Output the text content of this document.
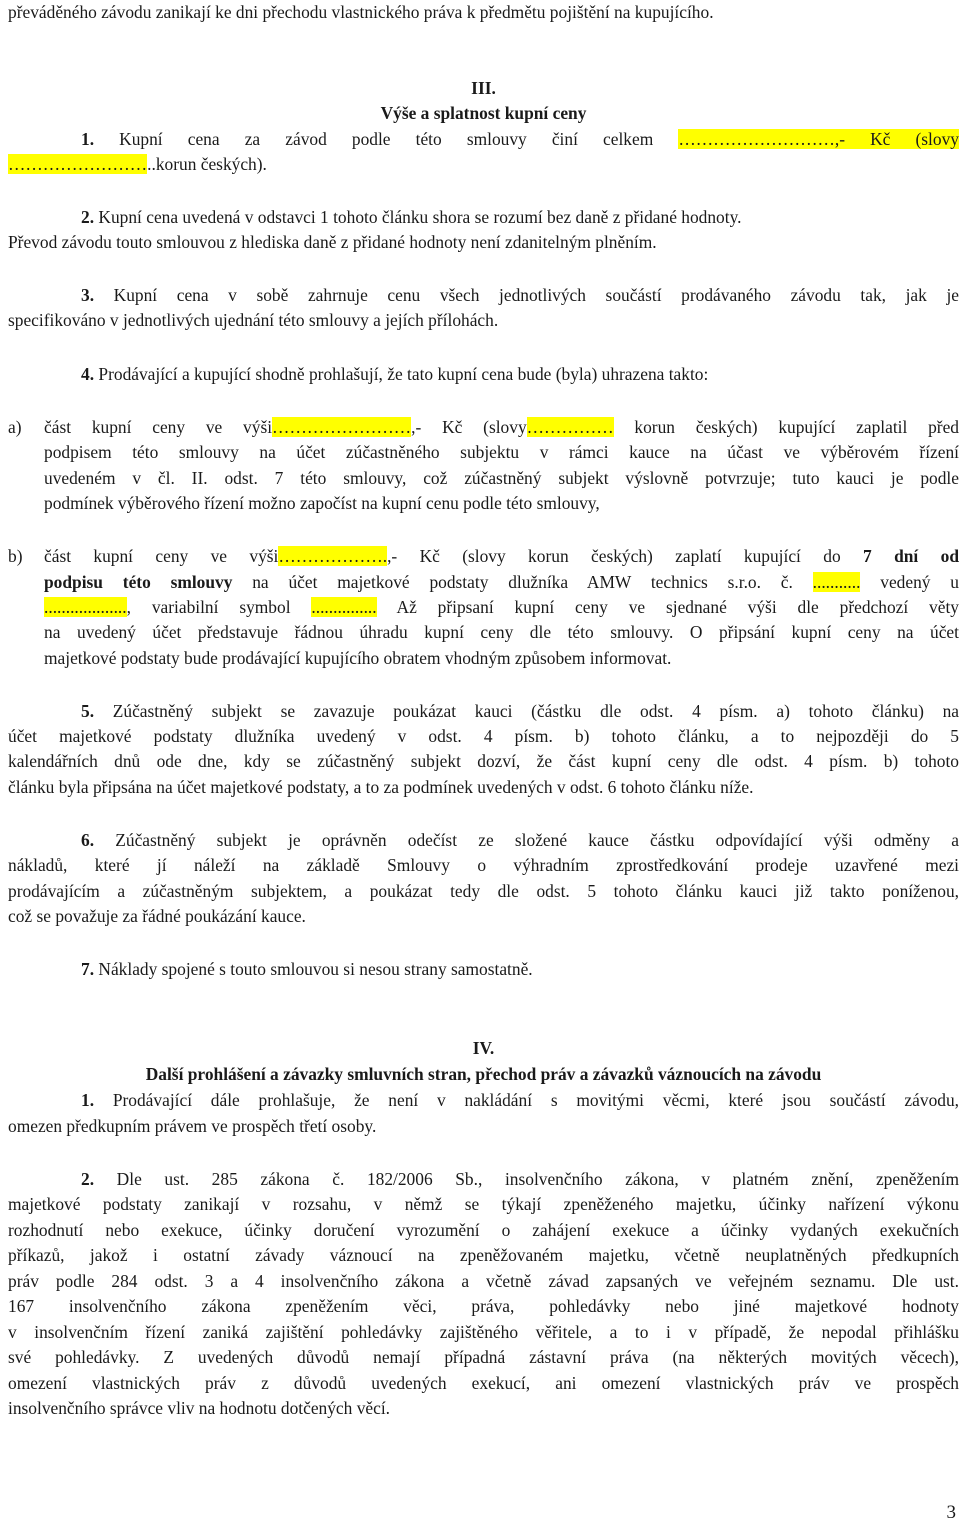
převáděného závodu zanikají ke dni přechodu vlastnického práva k předmětu pojištění na kupujícího.
III.
Výše a splatnost kupní ceny
1. Kupní cena za závod podle této smlouvy činí celkem ………………………,- Kč (slovy
……………………..korun českých).
2. Kupní cena uvedená v odstavci 1 tohoto článku shora se rozumí bez daně z přidané hodnoty.
Převod závodu touto smlouvou z hlediska daně z přidané hodnoty není zdanitelným plněním.
3. Kupní cena v sobě zahrnuje cenu všech jednotlivých součástí prodávaného závodu tak, jak je
specifikováno v jednotlivých ujednání této smlouvy a jejích přílohách.
4. Prodávající a kupující shodně prohlašují, že tato kupní cena bude (byla) uhrazena takto:
a) část kupní ceny ve výši……………………,- Kč (slovy…………… korun českých) kupující zaplatil před
podpisem této smlouvy na účet zúčastněného subjektu v rámci kauce na účast ve výběrovém řízení
uvedeném v čl. II. odst. 7 této smlouvy, což zúčastněný subjekt výslovně potvrzuje; tuto kauci je podle
podmínek výběrového řízení možno započíst na kupní cenu podle této smlouvy,
b) část kupní ceny ve výši……………….,- Kč (slovy korun českých) zaplatí kupující do 7 dní od
podpisu této smlouvy na účet majetkové podstaty dlužníka AMW technics s.r.o. č. ........... vedený u
..................., variabilní symbol ............... Až připsaní kupní ceny ve sjednané výši dle předchozí věty
na uvedený účet představuje řádnou úhradu kupní ceny dle této smlouvy. O připsání kupní ceny na účet
majetkové podstaty bude prodávající kupujícího obratem vhodným způsobem informovat.
5. Zúčastněný subjekt se zavazuje poukázat kauci (částku dle odst. 4 písm. a) tohoto článku) na
účet majetkové podstaty dlužníka uvedený v odst. 4 písm. b) tohoto článku, a to nejpozději do 5
kalendářních dnů ode dne, kdy se zúčastněný subjekt dozví, že část kupní ceny dle odst. 4 písm. b) tohoto
článku byla připsána na účet majetkové podstaty, a to za podmínek uvedených v odst. 6 tohoto článku níže.
6. Zúčastněný subjekt je oprávněn odečíst ze složené kauce částku odpovídající výši odměny a
nákladů, které jí náleží na základě Smlouvy o výhradním zprostředkování prodeje uzavřené mezi
prodávajícím a zúčastněným subjektem, a poukázat tedy dle odst. 5 tohoto článku kauci již takto poníženou,
což se považuje za řádné poukázání kauce.
7. Náklady spojené s touto smlouvou si nesou strany samostatně.
IV.
Další prohlášení a závazky smluvních stran, přechod práv a závazků váznoucích na závodu
1. Prodávající dále prohlašuje, že není v nakládání s movitými věcmi, které jsou součástí závodu,
omezen předkupním právem ve prospěch třetí osoby.
2. Dle ust. 285 zákona č. 182/2006 Sb., insolvenčního zákona, v platném znění, zpeněžením
majetkové podstaty zanikají v rozsahu, v němž se týkají zpeněženého majetku, účinky nařízení výkonu
rozhodnutí nebo exekuce, účinky doručení vyrozumění o zahájení exekuce a účinky vydaných exekučních
příkazů, jakož i ostatní závady váznoucí na zpeněžovaném majetku, včetně neuplatněných předkupních
práv podle 284 odst. 3 a 4 insolvenčního zákona a včetně závad zapsaných ve veřejném seznamu. Dle ust.
167 insolvenčního zákona zpeněžením věci, práva, pohledávky nebo jiné majetkové hodnoty
v insolvenčním řízení zaniká zajištění pohledávky zajištěného věřitele, a to i v případě, že nepodal přihlášku
své pohledávky. Z uvedených důvodů nemají případná zástavní práva (na některých movitých věcech),
omezení vlastnických práv z důvodů uvedených exekucí, ani omezení vlastnických práv ve prospěch
insolvenčního správce vliv na hodnotu dotčených věcí.
3
